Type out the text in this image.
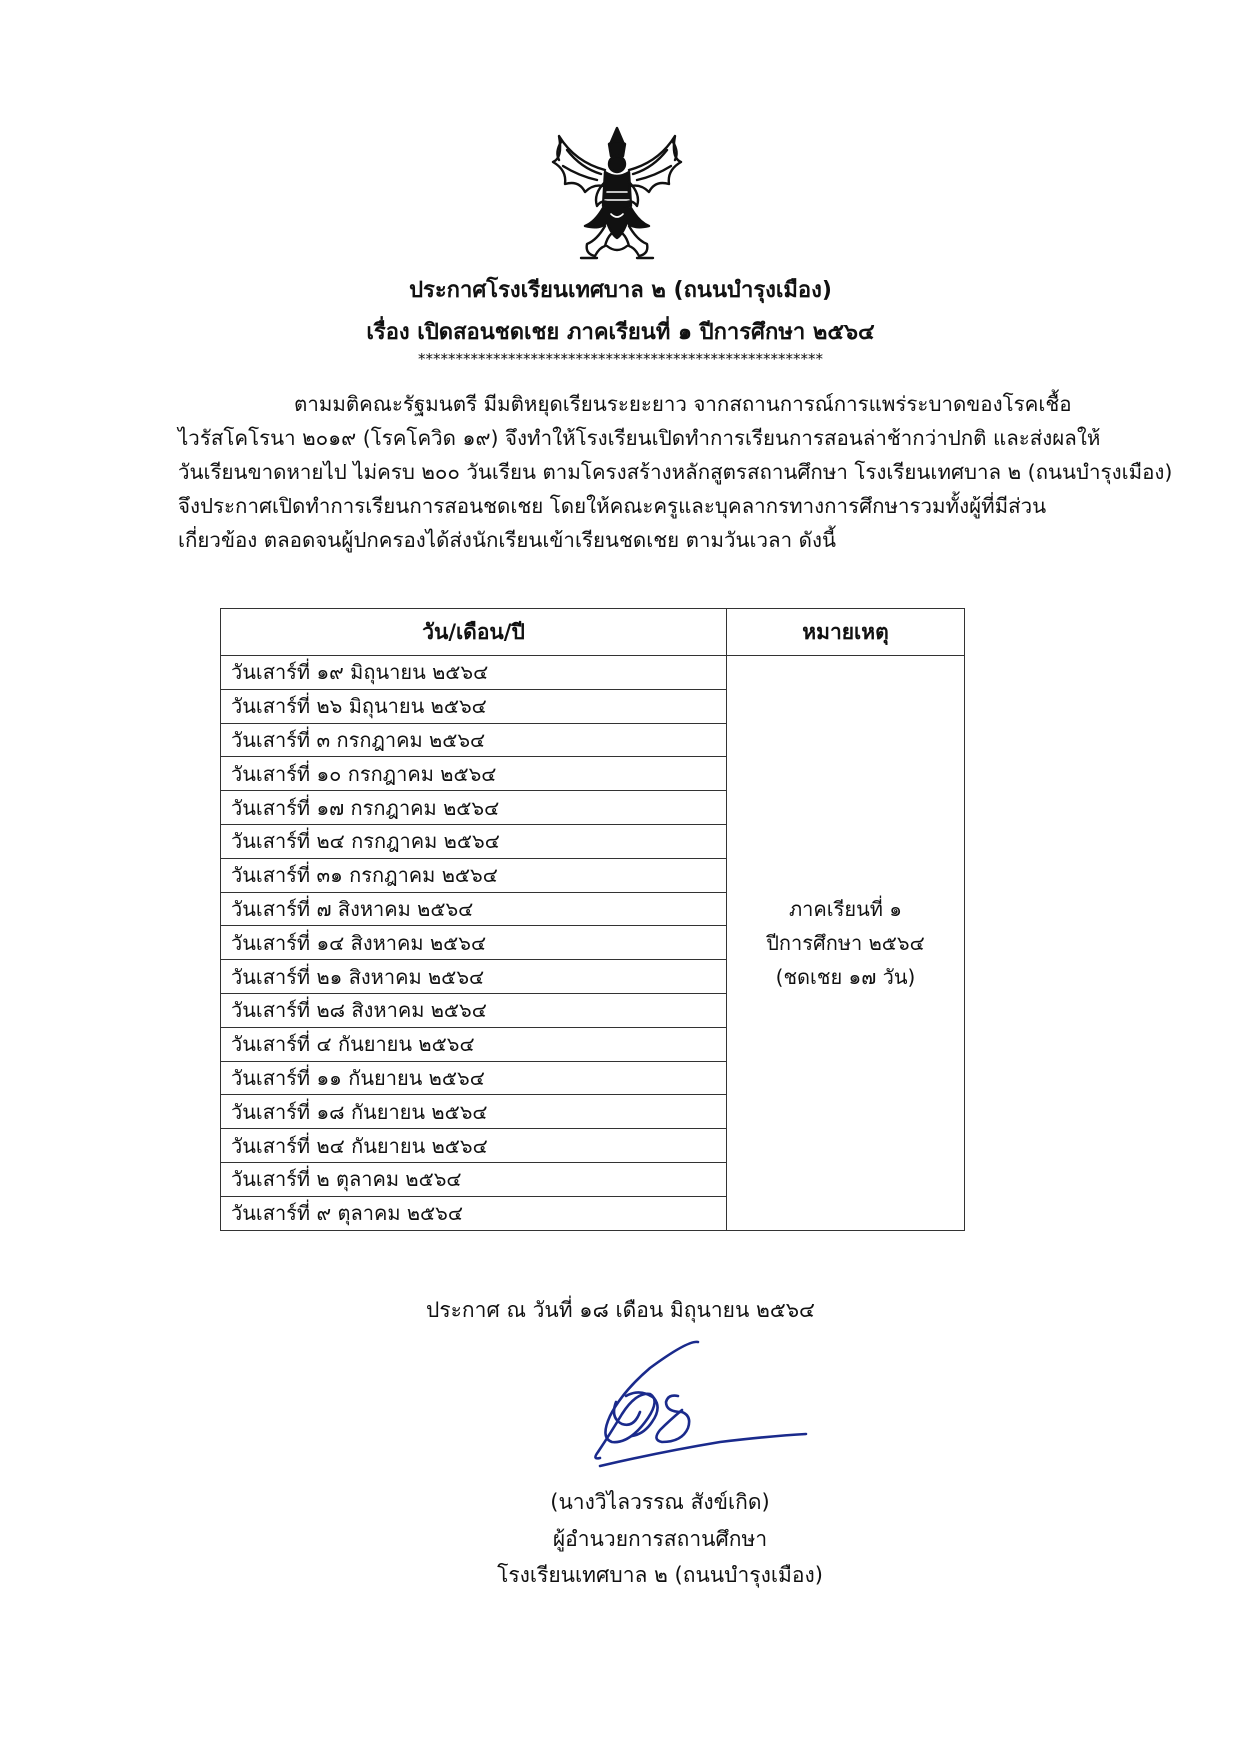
ประกาศโรงเรียนเทศบาล ๒ (ถนนบำรุงเมือง)
เรื่อง เปิดสอนชดเชย ภาคเรียนที่ ๑ ปีการศึกษา ๒๕๖๔
******************************************************
ตามมติคณะรัฐมนตรี มีมติหยุดเรียนระยะยาว จากสถานการณ์การแพร่ระบาดของโรคเชื้อ
ไวรัสโคโรนา ๒๐๑๙ (โรคโควิด ๑๙) จึงทำให้โรงเรียนเปิดทำการเรียนการสอนล่าช้ากว่าปกติ และส่งผลให้
วันเรียนขาดหายไป ไม่ครบ ๒๐๐ วันเรียน ตามโครงสร้างหลักสูตรสถานศึกษา โรงเรียนเทศบาล ๒ (ถนนบำรุงเมือง)
จึงประกาศเปิดทำการเรียนการสอนชดเชย โดยให้คณะครูและบุคลากรทางการศึกษารวมทั้งผู้ที่มีส่วน
เกี่ยวข้อง ตลอดจนผู้ปกครองได้ส่งนักเรียนเข้าเรียนชดเชย ตามวันเวลา ดังนี้
วัน/เดือน/ปี	หมายเหตุ
วันเสาร์ที่ ๑๙ มิถุนายน ๒๕๖๔	ภาคเรียนที่ ๑
ปีการศึกษา ๒๕๖๔
(ชดเชย ๑๗ วัน)

วันเสาร์ที่ ๒๖ มิถุนายน ๒๕๖๔	
วันเสาร์ที่ ๓ กรกฎาคม ๒๕๖๔	
วันเสาร์ที่ ๑๐ กรกฎาคม ๒๕๖๔	
วันเสาร์ที่ ๑๗ กรกฎาคม ๒๕๖๔	
วันเสาร์ที่ ๒๔ กรกฎาคม ๒๕๖๔	
วันเสาร์ที่ ๓๑ กรกฎาคม ๒๕๖๔	
วันเสาร์ที่ ๗ สิงหาคม ๒๕๖๔	
วันเสาร์ที่ ๑๔ สิงหาคม ๒๕๖๔	
วันเสาร์ที่ ๒๑ สิงหาคม ๒๕๖๔	
วันเสาร์ที่ ๒๘ สิงหาคม ๒๕๖๔	
วันเสาร์ที่ ๔ กันยายน ๒๕๖๔	
วันเสาร์ที่ ๑๑ กันยายน ๒๕๖๔	
วันเสาร์ที่ ๑๘ กันยายน ๒๕๖๔	
วันเสาร์ที่ ๒๔ กันยายน ๒๕๖๔	
วันเสาร์ที่ ๒ ตุลาคม ๒๕๖๔	
วันเสาร์ที่ ๙ ตุลาคม ๒๕๖๔	
ประกาศ ณ วันที่ ๑๘ เดือน มิถุนายน ๒๕๖๔
(นางวิไลวรรณ สังข์เกิด)
ผู้อำนวยการสถานศึกษา
โรงเรียนเทศบาล ๒ (ถนนบำรุงเมือง)
